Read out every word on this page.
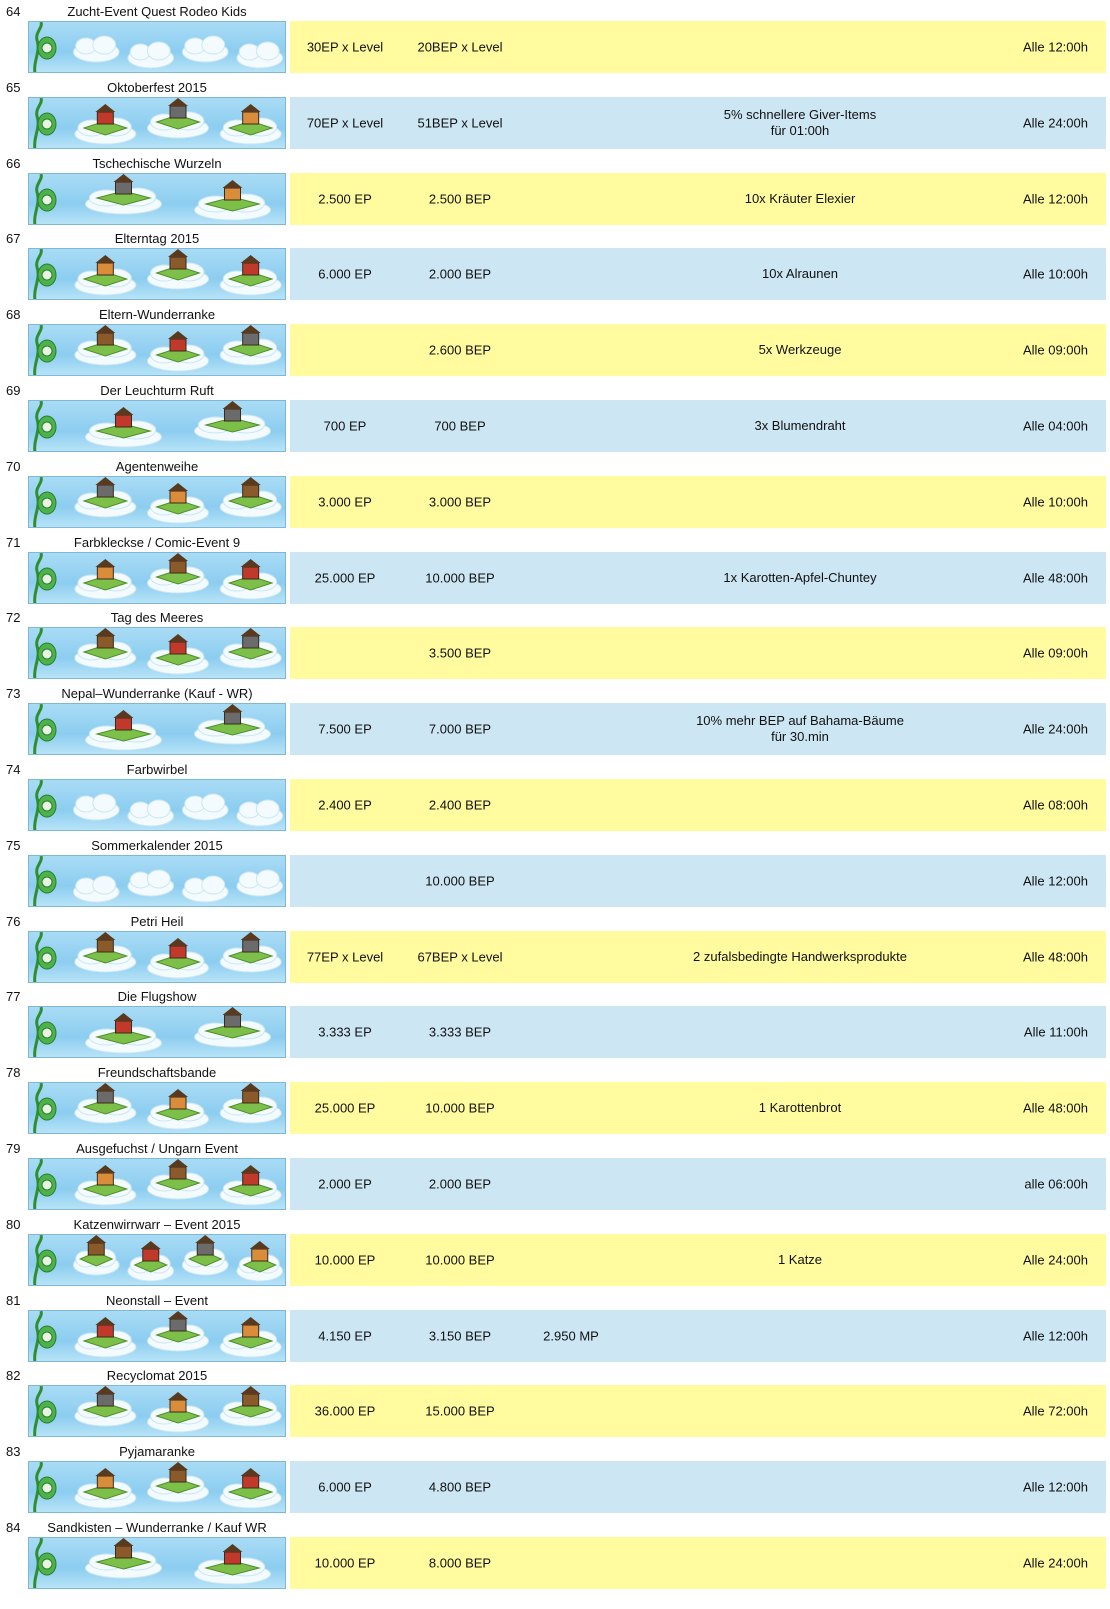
64	Zucht-Event Quest Rodeo Kids
30EP x Level	20BEP x Level	Alle 12:00h
65	Oktoberfest 2015
70EP x Level	51BEP x Level
5% schnellere Giver-Items
für 01:00h	Alle 24:00h
66	Tschechische Wurzeln
2.500 EP	2.500 BEP	10x Kräuter Elexier	Alle 12:00h
67	Elterntag 2015
6.000 EP	2.000 BEP	10x Alraunen	Alle 10:00h
68	Eltern-Wunderranke
2.600 BEP	5x Werkzeuge	Alle 09:00h
69	Der Leuchturm Ruft
700 EP	700 BEP	3x Blumendraht	Alle 04:00h
70	Agentenweihe
3.000 EP	3.000 BEP	Alle 10:00h
71	Farbkleckse / Comic-Event 9
25.000 EP	10.000 BEP	1x Karotten-Apfel-Chuntey	Alle 48:00h
72	Tag des Meeres
3.500 BEP	Alle 09:00h
73	Nepal–Wunderranke (Kauf - WR)
7.500 EP	7.000 BEP
10% mehr BEP auf Bahama-Bäume
für 30.min	Alle 24:00h
74	Farbwirbel
2.400 EP	2.400 BEP	Alle 08:00h
75	Sommerkalender 2015
10.000 BEP	Alle 12:00h
76	Petri Heil
77EP x Level	67BEP x Level	2 zufalsbedingte Handwerksprodukte	Alle 48:00h
77	Die Flugshow
3.333 EP	3.333 BEP	Alle 11:00h
78	Freundschaftsbande
25.000 EP	10.000 BEP	1 Karottenbrot	Alle 48:00h
79	Ausgefuchst / Ungarn Event
2.000 EP	2.000 BEP	alle 06:00h
80	Katzenwirrwarr – Event 2015
10.000 EP	10.000 BEP	1 Katze	Alle 24:00h
81	Neonstall – Event
4.150 EP	3.150 BEP	2.950 MP	Alle 12:00h
82	Recyclomat 2015
36.000 EP	15.000 BEP	Alle 72:00h
83	Pyjamaranke
6.000 EP	4.800 BEP	Alle 12:00h
84	Sandkisten – Wunderranke / Kauf WR
10.000 EP	8.000 BEP	Alle 24:00h
